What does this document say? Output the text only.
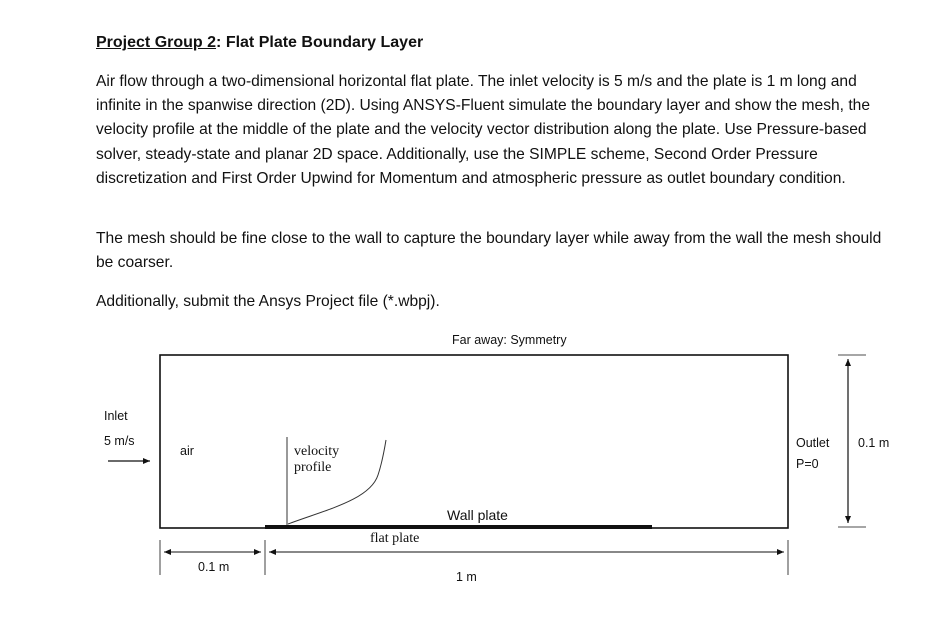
Project Group 2: Flat Plate Boundary Layer

Air flow through a two-dimensional horizontal flat plate. The inlet velocity is 5 m/s and the plate is 1 m long and infinite in the spanwise direction (2D). Using ANSYS-Fluent simulate the boundary layer and show the mesh, the velocity profile at the middle of the plate and the velocity vector distribution along the plate. Use Pressure-based solver, steady-state and planar 2D space. Additionally, use the SIMPLE scheme, Second Order Pressure discretization and First Order Upwind for Momentum and atmospheric pressure as outlet boundary condition.

The mesh should be fine close to the wall to capture the boundary layer while away from the wall the mesh should be coarser.

Additionally, submit the Ansys Project file (*.wbpj).

Far away: Symmetry
Inlet
5 m/s
air	velocity
profile
Wall plate
flat plate
Outlet
P=0
0.1 m
0.1 m
1 m
